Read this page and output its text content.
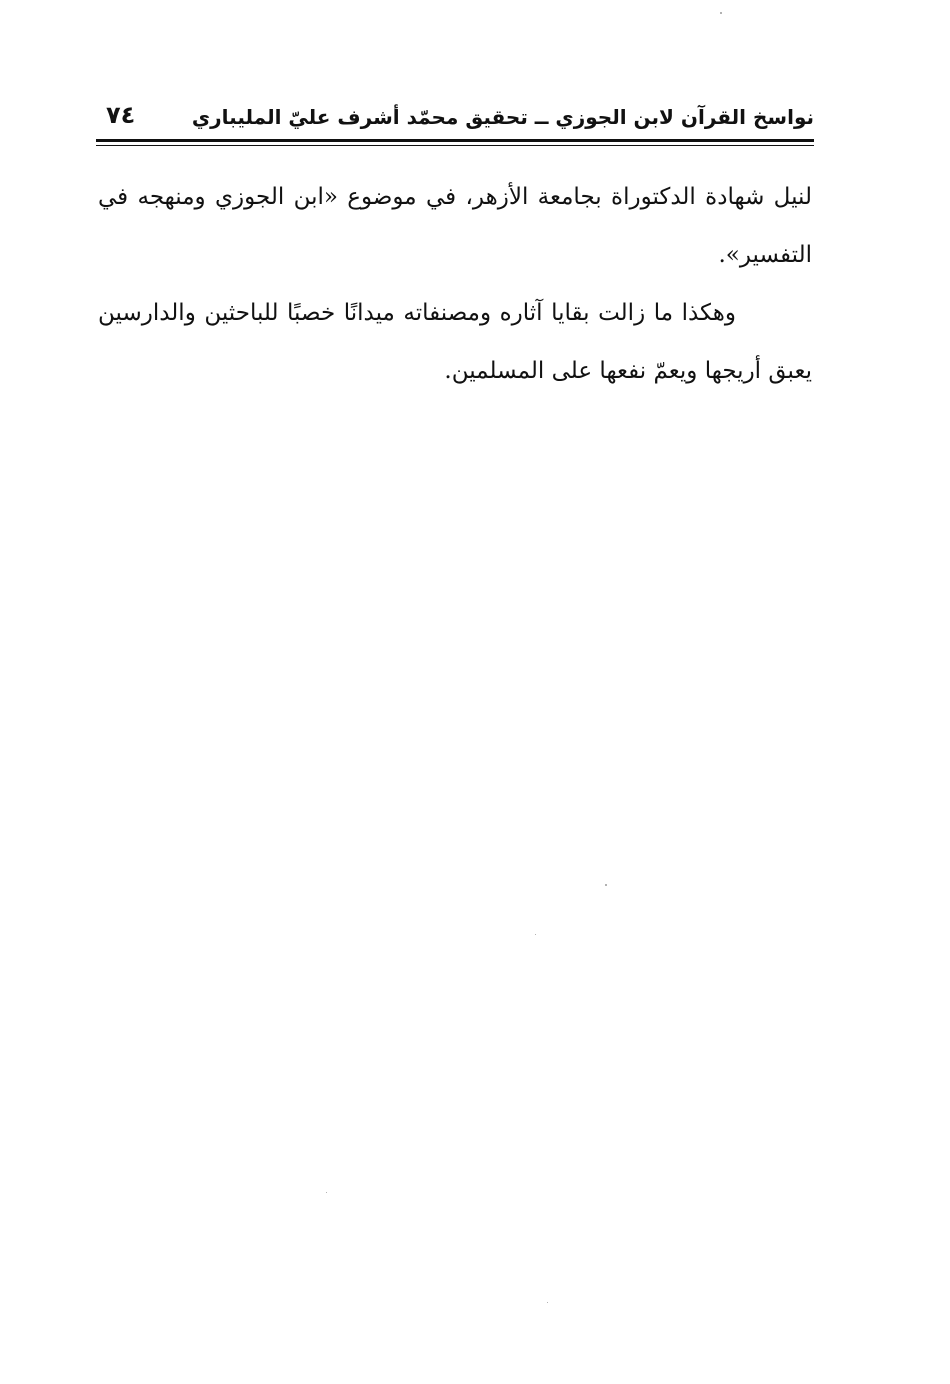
نواسخ القرآن لابن الجوزي ــ تحقيق محمّد أشرف عليّ المليباري
٧٤

لنيل شهادة الدكتوراة بجامعة الأزهر، في موضوع «ابن الجوزي ومنهجه في التفسير».

وهكذا ما زالت بقايا آثاره ومصنفاته ميدانًا خصبًا للباحثين والدارسين يعبق أريجها ويعمّ نفعها على المسلمين.
